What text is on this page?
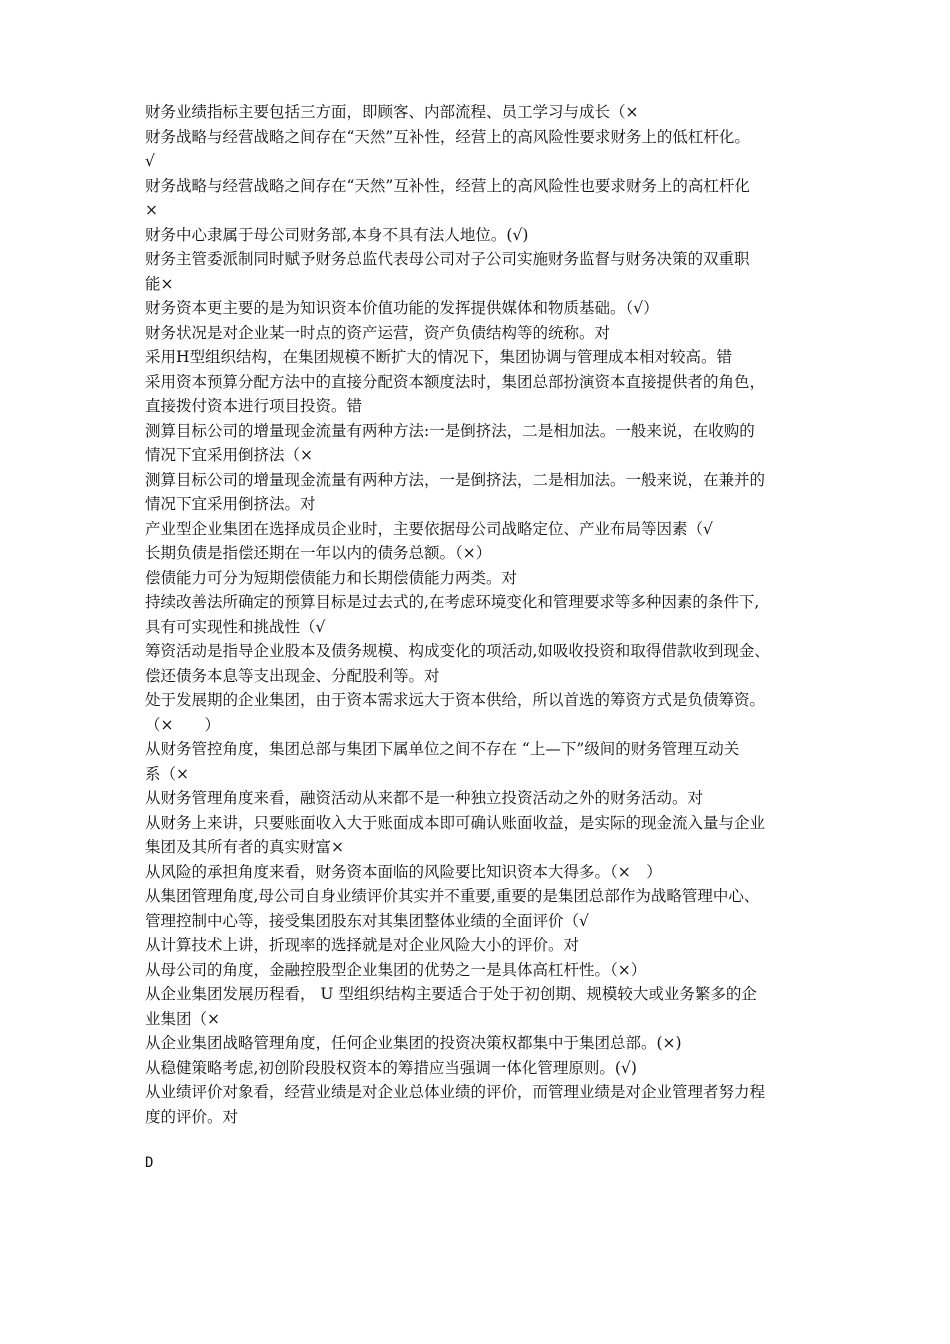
财务业绩指标主要包括三方面，即顾客、内部流程、员工学习与成长（×

财务战略与经营战略之间存在“天然”互补性，经营上的高风险性要求财务上的低杠杆化。
√

财务战略与经营战略之间存在“天然”互补性，经营上的高风险性也要求财务上的高杠杆化
×

财务中心隶属于母公司财务部,本身不具有法人地位。(√)

财务主管委派制同时赋予财务总监代表母公司对子公司实施财务监督与财务决策的双重职
能×

财务资本更主要的是为知识资本价值功能的发挥提供媒体和物质基础。（√）

财务状况是对企业某一时点的资产运营，资产负债结构等的统称。对

采用H型组织结构，在集团规模不断扩大的情况下，集团协调与管理成本相对较高。错

采用资本预算分配方法中的直接分配资本额度法时，集团总部扮演资本直接提供者的角色，
直接拨付资本进行项目投资。错

测算目标公司的增量现金流量有两种方法:一是倒挤法，二是相加法。一般来说，在收购的
情况下宜采用倒挤法（×

测算目标公司的增量现金流量有两种方法，一是倒挤法，二是相加法。一般来说，在兼并的
情况下宜采用倒挤法。对

产业型企业集团在选择成员企业时，主要依据母公司战略定位、产业布局等因素（√

长期负债是指偿还期在一年以内的债务总额。（×）

偿债能力可分为短期偿债能力和长期偿债能力两类。对

持续改善法所确定的预算目标是过去式的,在考虑环境变化和管理要求等多种因素的条件下,
具有可实现性和挑战性（√

筹资活动是指导企业股本及债务规模、构成变化的项活动,如吸收投资和取得借款收到现金、
偿还债务本息等支出现金、分配股利等。对

处于发展期的企业集团，由于资本需求远大于资本供给，所以首选的筹资方式是负债筹资。
（×　　）

从财务管控角度，集团总部与集团下属单位之间不存在 “上—下”级间的财务管理互动关
系（×

从财务管理角度来看，融资活动从来都不是一种独立投资活动之外的财务活动。对

从财务上来讲，只要账面收入大于账面成本即可确认账面收益，是实际的现金流入量与企业
集团及其所有者的真实财富×

从风险的承担角度来看，财务资本面临的风险要比知识资本大得多。（×　）

从集团管理角度,母公司自身业绩评价其实并不重要,重要的是集团总部作为战略管理中心、
管理控制中心等，接受集团股东对其集团整体业绩的全面评价（√

从计算技术上讲，折现率的选择就是对企业风险大小的评价。对

从母公司的角度，金融控股型企业集团的优势之一是具体高杠杆性。（×）

从企业集团发展历程看， U 型组织结构主要适合于处于初创期、规模较大或业务繁多的企
业集团（×

从企业集团战略管理角度，任何企业集团的投资决策权都集中于集团总部。(×)

从稳健策略考虑,初创阶段股权资本的筹措应当强调一体化管理原则。(√)

从业绩评价对象看，经营业绩是对企业总体业绩的评价，而管理业绩是对企业管理者努力程
度的评价。对

D
